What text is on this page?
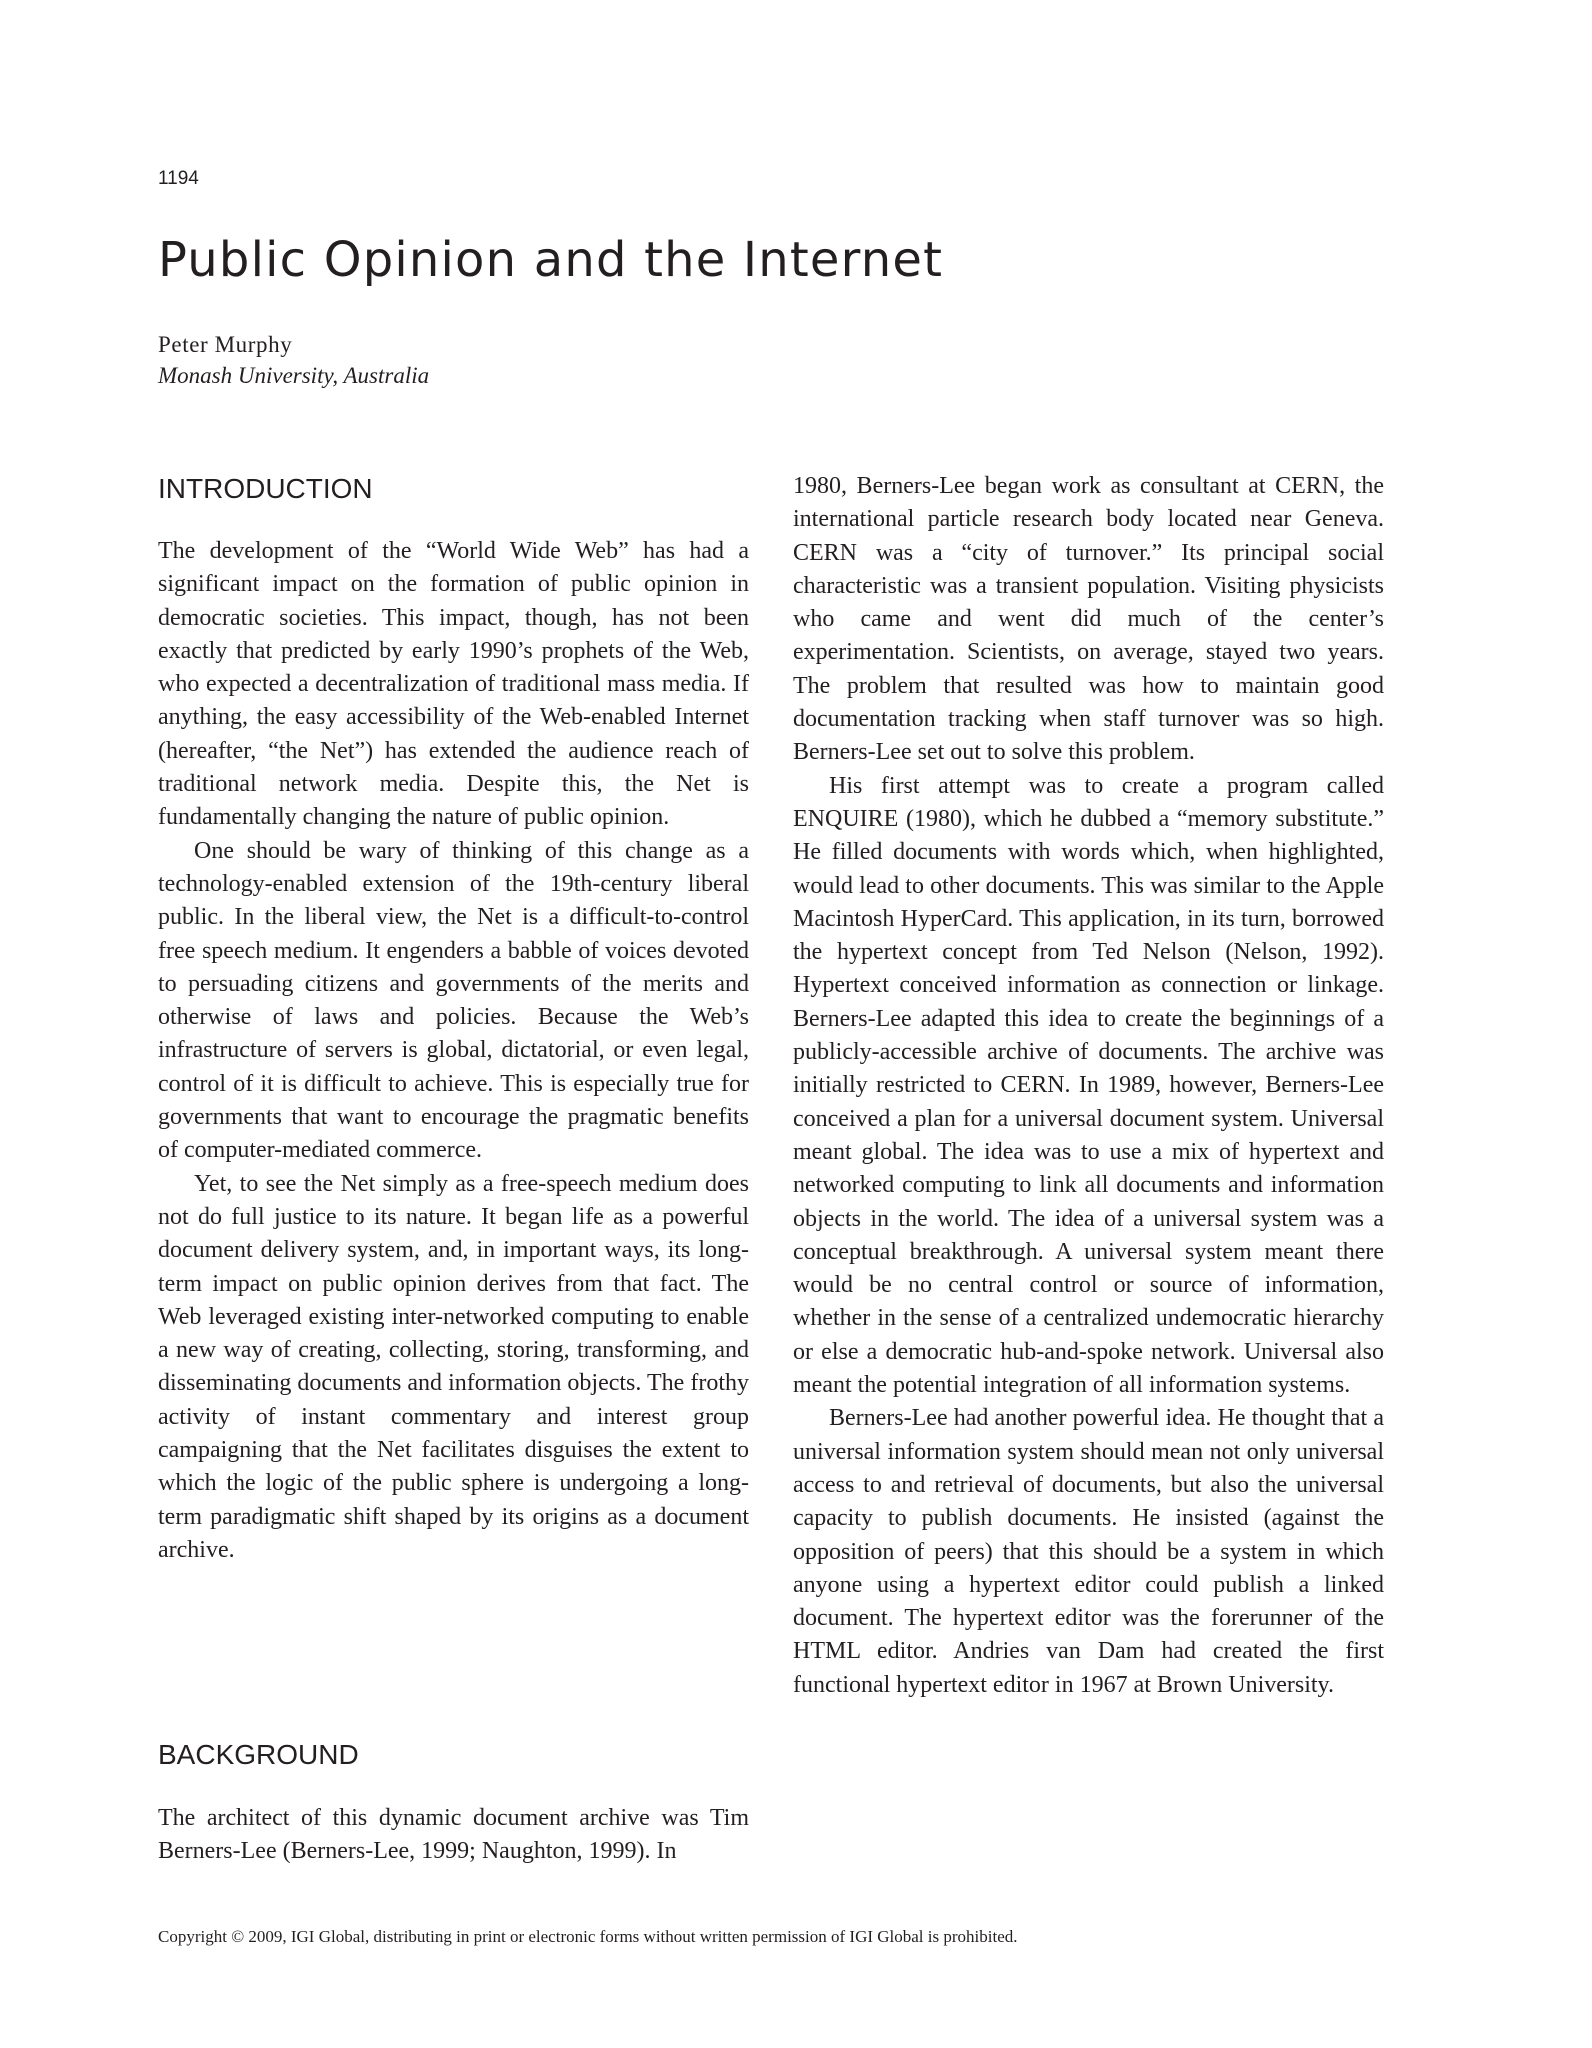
1194
Public Opinion and the Internet
Peter Murphy
Monash University, Australia
INTRODUCTION

The development of the “World Wide Web” has had a significant impact on the formation of public opinion in democratic societies. This impact, though, has not been exactly that predicted by early 1990’s prophets of the Web, who expected a decentralization of traditional mass media. If anything, the easy accessibility of the Web-enabled Internet (hereafter, “the Net”) has extended the audience reach of traditional network media. Despite this, the Net is fundamentally changing the nature of public opinion.

One should be wary of thinking of this change as a technology-enabled extension of the 19th-century liberal public. In the liberal view, the Net is a difficult-to-control free speech medium. It engenders a babble of voices devoted to persuading citizens and governments of the merits and otherwise of laws and policies. Because the Web’s infrastructure of servers is global, dictatorial, or even legal, control of it is difficult to achieve. This is especially true for governments that want to encourage the pragmatic benefits of computer-mediated commerce.

Yet, to see the Net simply as a free-speech medium does not do full justice to its nature. It began life as a powerful document delivery system, and, in important ways, its long-term impact on public opinion derives from that fact. The Web leveraged existing inter-networked computing to enable a new way of creating, collecting, storing, transforming, and disseminating documents and information objects. The frothy activity of instant commentary and interest group campaigning that the Net facilitates disguises the extent to which the logic of the public sphere is undergoing a long-term paradigmatic shift shaped by its origins as a document archive.

BACKGROUND

The architect of this dynamic document archive was Tim Berners-Lee (Berners-Lee, 1999; Naughton, 1999). In

1980, Berners-Lee began work as consultant at CERN, the international particle research body located near Geneva. CERN was a “city of turnover.” Its principal social characteristic was a transient population. Visiting physicists who came and went did much of the center’s experimentation. Scientists, on average, stayed two years. The problem that resulted was how to maintain good documentation tracking when staff turnover was so high. Berners-Lee set out to solve this problem.

His first attempt was to create a program called ENQUIRE (1980), which he dubbed a “memory substitute.” He filled documents with words which, when highlighted, would lead to other documents. This was similar to the Apple Macintosh HyperCard. This application, in its turn, borrowed the hypertext concept from Ted Nelson (Nelson, 1992). Hypertext conceived information as connection or linkage. Berners-Lee adapted this idea to create the beginnings of a publicly-accessible archive of documents. The archive was initially restricted to CERN. In 1989, however, Berners-Lee conceived a plan for a universal document system. Universal meant global. The idea was to use a mix of hypertext and networked computing to link all documents and information objects in the world. The idea of a universal system was a conceptual breakthrough. A universal system meant there would be no central control or source of information, whether in the sense of a centralized undemocratic hierarchy or else a democratic hub-and-spoke network. Universal also meant the potential integration of all information systems.

Berners-Lee had another powerful idea. He thought that a universal information system should mean not only universal access to and retrieval of documents, but also the universal capacity to publish documents. He insisted (against the opposition of peers) that this should be a system in which anyone using a hypertext editor could publish a linked document. The hypertext editor was the forerunner of the HTML editor. Andries van Dam had created the first functional hypertext editor in 1967 at Brown University.

Copyright © 2009, IGI Global, distributing in print or electronic forms without written permission of IGI Global is prohibited.
